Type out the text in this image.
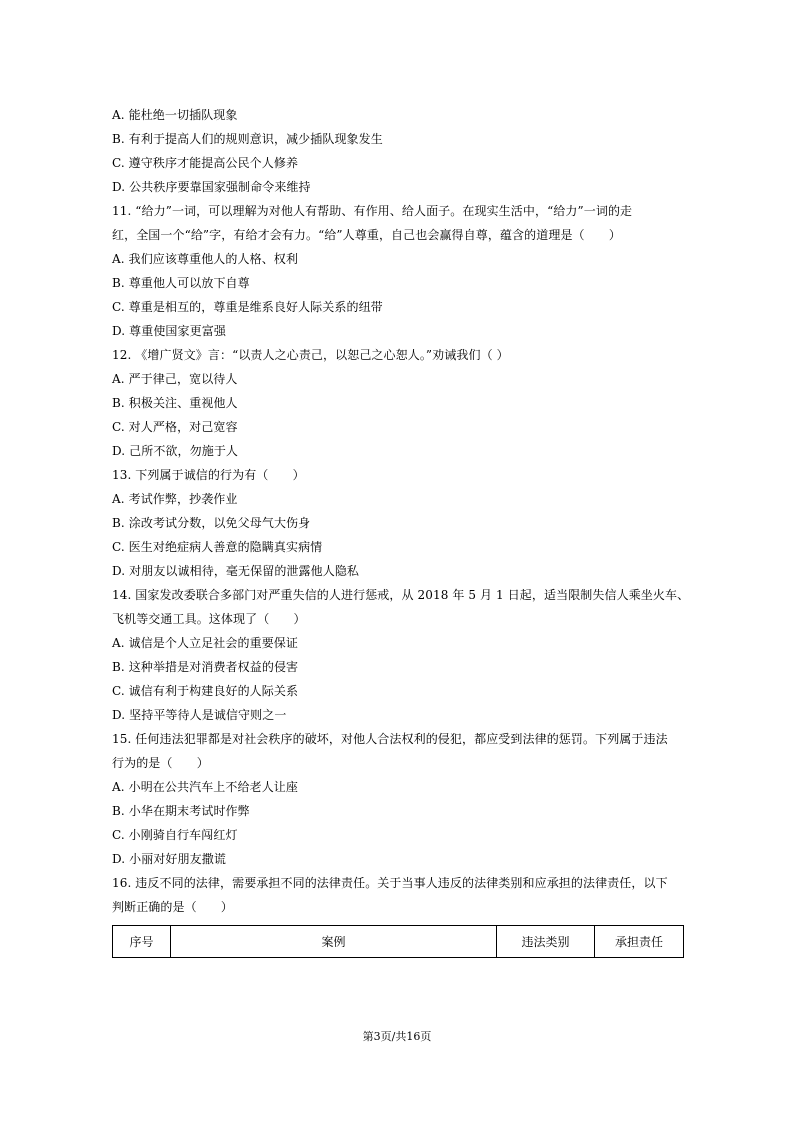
A. 能杜绝一切插队现象
B. 有利于提高人们的规则意识，减少插队现象发生
C. 遵守秩序才能提高公民个人修养
D. 公共秩序要靠国家强制命令来维持
11. “给力”一词，可以理解为对他人有帮助、有作用、给人面子。在现实生活中，“给力”一词的走
红，全国一个“给”字，有给才会有力。“给”人尊重，自己也会赢得自尊，蕴含的道理是（　　）
A. 我们应该尊重他人的人格、权利
B. 尊重他人可以放下自尊
C. 尊重是相互的，尊重是维系良好人际关系的纽带
D. 尊重使国家更富强
12. 《增广贤文》言：“以责人之心责己，以恕己之心恕人。”劝诫我们（ ）
A. 严于律己，宽以待人
B. 积极关注、重视他人
C. 对人严格，对己宽容
D. 己所不欲，勿施于人
13. 下列属于诚信的行为有（　　）
A. 考试作弊，抄袭作业
B. 涂改考试分数，以免父母气大伤身
C. 医生对绝症病人善意的隐瞒真实病情
D. 对朋友以诚相待，毫无保留的泄露他人隐私
14. 国家发改委联合多部门对严重失信的人进行惩戒，从 2018 年 5 月 1 日起，适当限制失信人乘坐火车、
飞机等交通工具。这体现了（　　）
A. 诚信是个人立足社会的重要保证
B. 这种举措是对消费者权益的侵害
C. 诚信有利于构建良好的人际关系
D. 坚持平等待人是诚信守则之一
15. 任何违法犯罪都是对社会秩序的破坏，对他人合法权利的侵犯，都应受到法律的惩罚。下列属于违法
行为的是（　　）
A. 小明在公共汽车上不给老人让座
B. 小华在期末考试时作弊
C. 小刚骑自行车闯红灯
D. 小丽对好朋友撒谎
16. 违反不同的法律，需要承担不同的法律责任。关于当事人违反的法律类别和应承担的法律责任，以下
判断正确的是（　　）
序号	案例	违法类别	承担责任
第3页/共16页
